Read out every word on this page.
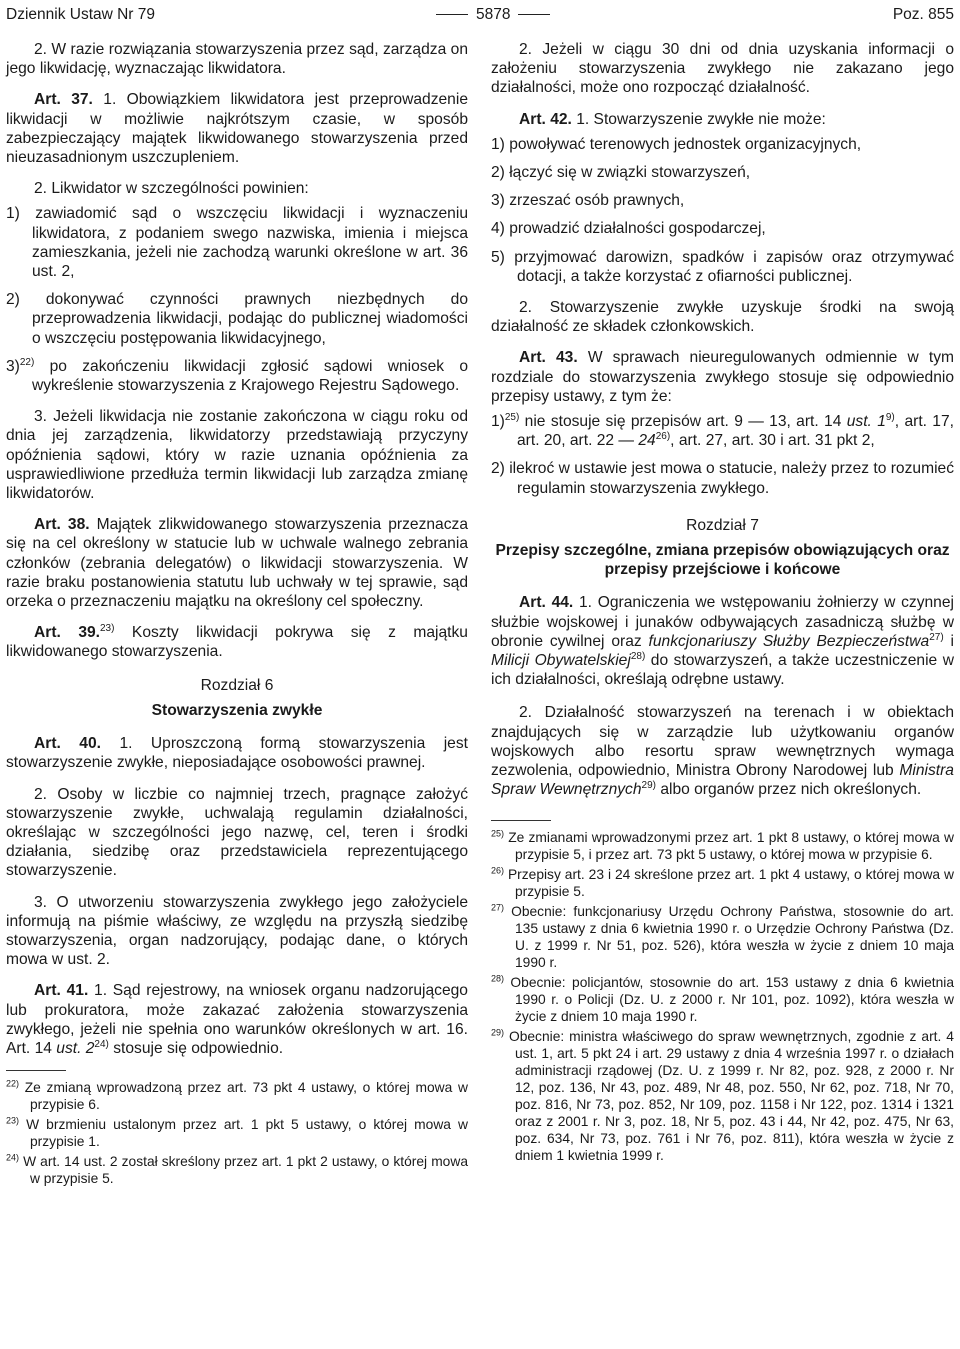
Dziennik Ustaw Nr 79	5878	Poz. 855

2. W razie rozwiązania stowarzyszenia przez sąd, zarządza on jego likwidację, wyznaczając likwidatora.

Art. 37. 1. Obowiązkiem likwidatora jest przeprowadzenie likwidacji w możliwie najkrótszym czasie, w sposób zabezpieczający majątek likwidowanego stowarzyszenia przed nieuzasadnionym uszczupleniem.

2. Likwidator w szczególności powinien:

1) zawiadomić sąd o wszczęciu likwidacji i wyznaczeniu likwidatora, z podaniem swego nazwiska, imienia i miejsca zamieszkania, jeżeli nie zachodzą warunki określone w art. 36 ust. 2,
2) dokonywać czynności prawnych niezbędnych do przeprowadzenia likwidacji, podając do publicznej wiadomości o wszczęciu postępowania likwidacyjnego,
3)$^{22)}$ po zakończeniu likwidacji zgłosić sądowi wniosek o wykreślenie stowarzyszenia z Krajowego Rejestru Sądowego.

3. Jeżeli likwidacja nie zostanie zakończona w ciągu roku od dnia jej zarządzenia, likwidatorzy przedstawiają przyczyny opóźnienia sądowi, który w razie uznania opóźnienia za usprawiedliwione przedłuża termin likwidacji lub zarządza zmianę likwidatorów.

Art. 38. Majątek zlikwidowanego stowarzyszenia przeznacza się na cel określony w statucie lub w uchwale walnego zebrania członków (zebrania delegatów) o likwidacji stowarzyszenia. W razie braku postanowienia statutu lub uchwały w tej sprawie, sąd orzeka o przeznaczeniu majątku na określony cel społeczny.

Art. 39.$^{23)}$ Koszty likwidacji pokrywa się z majątku likwidowanego stowarzyszenia.

Rozdział 6
Stowarzyszenia zwykłe

Art. 40. 1. Uproszczoną formą stowarzyszenia jest stowarzyszenie zwykłe, nieposiadające osobowości prawnej.

2. Osoby w liczbie co najmniej trzech, pragnące założyć stowarzyszenie zwykłe, uchwalają regulamin działalności, określając w szczególności jego nazwę, cel, teren i środki działania, siedzibę oraz przedstawiciela reprezentującego stowarzyszenie.

3. O utworzeniu stowarzyszenia zwykłego jego założyciele informują na piśmie właściwy, ze względu na przyszłą siedzibę stowarzyszenia, organ nadzorujący, podając dane, o których mowa w ust. 2.

Art. 41. 1. Sąd rejestrowy, na wniosek organu nadzorującego lub prokuratora, może zakazać założenia stowarzyszenia zwykłego, jeżeli nie spełnia ono warunków określonych w art. 16. Art. 14 ust. 2$^{24)}$ stosuje się odpowiednio.

$^{22)}$ Ze zmianą wprowadzoną przez art. 73 pkt 4 ustawy, o której mowa w przypisie 6.
$^{23)}$ W brzmieniu ustalonym przez art. 1 pkt 5 ustawy, o której mowa w przypisie 1.
$^{24)}$ W art. 14 ust. 2 został skreślony przez art. 1 pkt 2 ustawy, o której mowa w przypisie 5.

2. Jeżeli w ciągu 30 dni od dnia uzyskania informacji o założeniu stowarzyszenia zwykłego nie zakazano jego działalności, może ono rozpocząć działalność.

Art. 42. 1. Stowarzyszenie zwykłe nie może:

1) powoływać terenowych jednostek organizacyjnych,
2) łączyć się w związki stowarzyszeń,
3) zrzeszać osób prawnych,
4) prowadzić działalności gospodarczej,
5) przyjmować darowizn, spadków i zapisów oraz otrzymywać dotacji, a także korzystać z ofiarności publicznej.

2. Stowarzyszenie zwykłe uzyskuje środki na swoją działalność ze składek członkowskich.

Art. 43. W sprawach nieuregulowanych odmiennie w tym rozdziale do stowarzyszenia zwykłego stosuje się odpowiednio przepisy ustawy, z tym że:

1)$^{25)}$ nie stosuje się przepisów art. 9 — 13, art. 14 ust. 1$^{9)}$, art. 17, art. 20, art. 22 — 24$^{26)}$, art. 27, art. 30 i art. 31 pkt 2,
2) ilekroć w ustawie jest mowa o statucie, należy przez to rozumieć regulamin stowarzyszenia zwykłego.
Rozdział 7
Przepisy szczególne, zmiana przepisów obowiązujących oraz przepisy przejściowe i końcowe

Art. 44. 1. Ograniczenia we wstępowaniu żołnierzy w czynnej służbie wojskowej i junaków odbywających zasadniczą służbę w obronie cywilnej oraz funkcjonariuszy Służby Bezpieczeństwa$^{27)}$ i Milicji Obywatelskiej$^{28)}$ do stowarzyszeń, a także uczestniczenie w ich działalności, określają odrębne ustawy.

2. Działalność stowarzyszeń na terenach i w obiektach znajdujących się w zarządzie lub użytkowaniu organów wojskowych albo resortu spraw wewnętrznych wymaga zezwolenia, odpowiednio, Ministra Obrony Narodowej lub Ministra Spraw Wewnętrznych$^{29)}$ albo organów przez nich określonych.

$^{25)}$ Ze zmianami wprowadzonymi przez art. 1 pkt 8 ustawy, o której mowa w przypisie 5, i przez art. 73 pkt 5 ustawy, o której mowa w przypisie 6.
$^{26)}$ Przepisy art. 23 i 24 skreślone przez art. 1 pkt 4 ustawy, o której mowa w przypisie 5.
$^{27)}$ Obecnie: funkcjonariusy Urzędu Ochrony Państwa, stosownie do art. 135 ustawy z dnia 6 kwietnia 1990 r. o Urzędzie Ochrony Państwa (Dz. U. z 1999 r. Nr 51, poz. 526), która weszła w życie z dniem 10 maja 1990 r.
$^{28)}$ Obecnie: policjantów, stosownie do art. 153 ustawy z dnia 6 kwietnia 1990 r. o Policji (Dz. U. z 2000 r. Nr 101, poz. 1092), która weszła w życie z dniem 10 maja 1990 r.
$^{29)}$ Obecnie: ministra właściwego do spraw wewnętrznych, zgodnie z art. 4 ust. 1, art. 5 pkt 24 i art. 29 ustawy z dnia 4 września 1997 r. o działach administracji rządowej (Dz. U. z 1999 r. Nr 82, poz. 928, z 2000 r. Nr 12, poz. 136, Nr 43, poz. 489, Nr 48, poz. 550, Nr 62, poz. 718, Nr 70, poz. 816, Nr 73, poz. 852, Nr 109, poz. 1158 i Nr 122, poz. 1314 i 1321 oraz z 2001 r. Nr 3, poz. 18, Nr 5, poz. 43 i 44, Nr 42, poz. 475, Nr 63, poz. 634, Nr 73, poz. 761 i Nr 76, poz. 811), która weszła w życie z dniem 1 kwietnia 1999 r.
